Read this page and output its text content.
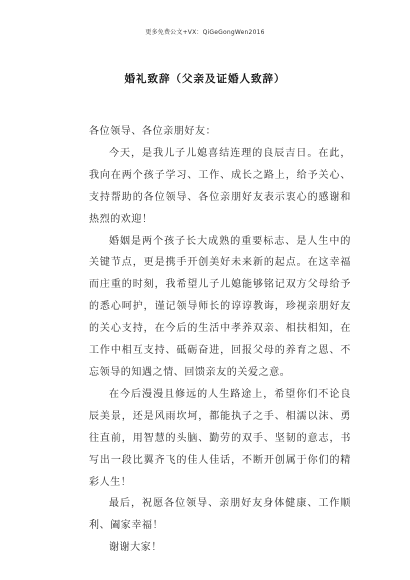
更多免费公文+VX：QiGeGongWen2016
婚礼致辞（父亲及证婚人致辞）

各位领导、各位亲朋好友：

今天，是我儿子儿媳喜结连理的良辰吉日。在此，我向在两个孩子学习、工作、成长之路上，给予关心、支持帮助的各位领导、各位亲朋好友表示衷心的感谢和热烈的欢迎！

婚姻是两个孩子长大成熟的重要标志、是人生中的关键节点，更是携手开创美好未来新的起点。在这幸福而庄重的时刻，我希望儿子儿媳能够铭记双方父母给予的悉心呵护，谨记领导师长的谆谆教诲，珍视亲朋好友的关心支持，在今后的生活中孝养双亲、相扶相知，在工作中相互支持、砥砺奋进，回报父母的养育之恩、不忘领导的知遇之情、回馈亲友的关爱之意。

在今后漫漫且修远的人生路途上，希望你们不论良辰美景，还是风雨坎坷，都能执子之手、相濡以沫、勇往直前，用智慧的头脑、勤劳的双手、坚韧的意志，书写出一段比翼齐飞的佳人佳话，不断开创属于你们的精彩人生！

最后，祝愿各位领导、亲朋好友身体健康、工作顺利、阖家幸福！

谢谢大家！
